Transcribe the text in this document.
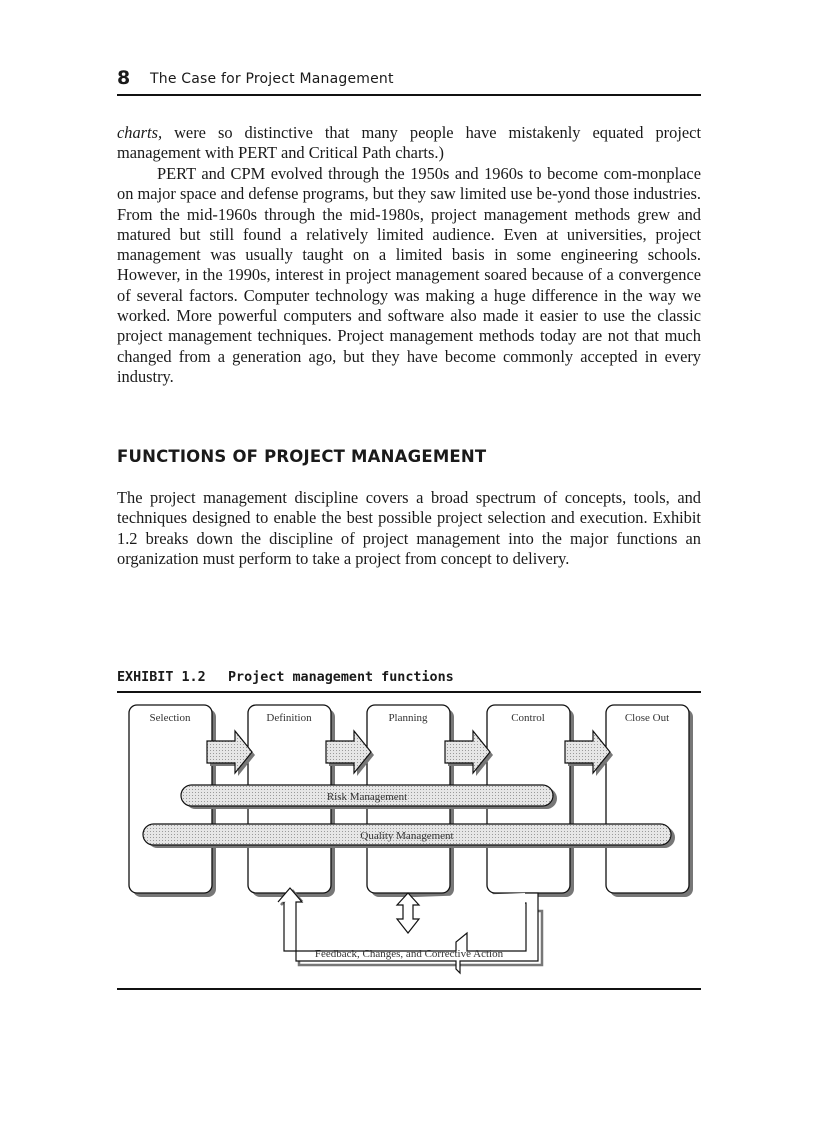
8 The Case for Project Management

charts, were so distinctive that many people have mistakenly equated project management with PERT and Critical Path charts.)

PERT and CPM evolved through the 1950s and 1960s to become com-monplace on major space and defense programs, but they saw limited use be-yond those industries. From the mid-1960s through the mid-1980s, project management methods grew and matured but still found a relatively limited audience. Even at universities, project management was usually taught on a limited basis in some engineering schools. However, in the 1990s, interest in project management soared because of a convergence of several factors. Computer technology was making a huge difference in the way we worked. More powerful computers and software also made it easier to use the classic project management techniques. Project management methods today are not that much changed from a generation ago, but they have become commonly accepted in every industry.

FUNCTIONS OF PROJECT MANAGEMENT

The project management discipline covers a broad spectrum of concepts, tools, and techniques designed to enable the best possible project selection and execution. Exhibit 1.2 breaks down the discipline of project management into the major functions an organization must perform to take a project from concept to delivery.

EXHIBIT 1.2 Project management functions
Selection	Definition	Planning	Control	Close Out
Risk Management
Quality Management
Feedback, Changes, and Corrective Action
